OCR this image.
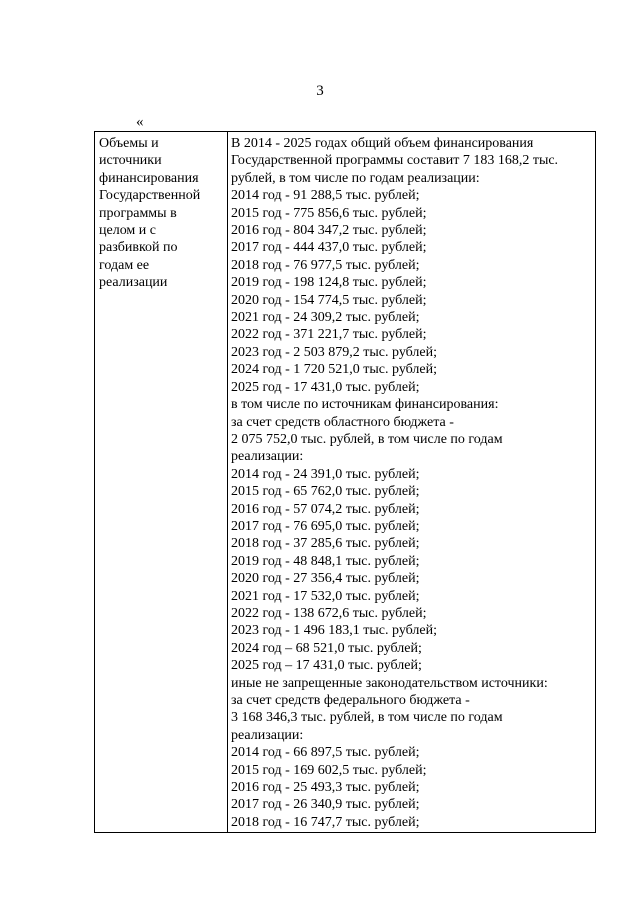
3
«
Объемы и
источники
финансирования
Государственной
программы в
целом и с
разбивкой по
годам ее
реализации
В 2014 - 2025 годах общий объем финансирования
Государственной программы составит 7 183 168,2 тыс.
рублей, в том числе по годам реализации:
2014 год - 91 288,5 тыс. рублей;
2015 год - 775 856,6 тыс. рублей;
2016 год - 804 347,2 тыс. рублей;
2017 год - 444 437,0 тыс. рублей;
2018 год - 76 977,5 тыс. рублей;
2019 год - 198 124,8 тыс. рублей;
2020 год - 154 774,5 тыс. рублей;
2021 год - 24 309,2 тыс. рублей;
2022 год - 371 221,7 тыс. рублей;
2023 год - 2 503 879,2 тыс. рублей;
2024 год - 1 720 521,0 тыс. рублей;
2025 год - 17 431,0 тыс. рублей;
в том числе по источникам финансирования:
за счет средств областного бюджета -
2 075 752,0 тыс. рублей, в том числе по годам
реализации:
2014 год - 24 391,0 тыс. рублей;
2015 год - 65 762,0 тыс. рублей;
2016 год - 57 074,2 тыс. рублей;
2017 год - 76 695,0 тыс. рублей;
2018 год - 37 285,6 тыс. рублей;
2019 год - 48 848,1 тыс. рублей;
2020 год - 27 356,4 тыс. рублей;
2021 год - 17 532,0 тыс. рублей;
2022 год - 138 672,6 тыс. рублей;
2023 год - 1 496 183,1 тыс. рублей;
2024 год – 68 521,0 тыс. рублей;
2025 год – 17 431,0 тыс. рублей;
иные не запрещенные законодательством источники:
за счет средств федерального бюджета -
3 168 346,3 тыс. рублей, в том числе по годам
реализации:
2014 год - 66 897,5 тыс. рублей;
2015 год - 169 602,5 тыс. рублей;
2016 год - 25 493,3 тыс. рублей;
2017 год - 26 340,9 тыс. рублей;
2018 год - 16 747,7 тыс. рублей;
